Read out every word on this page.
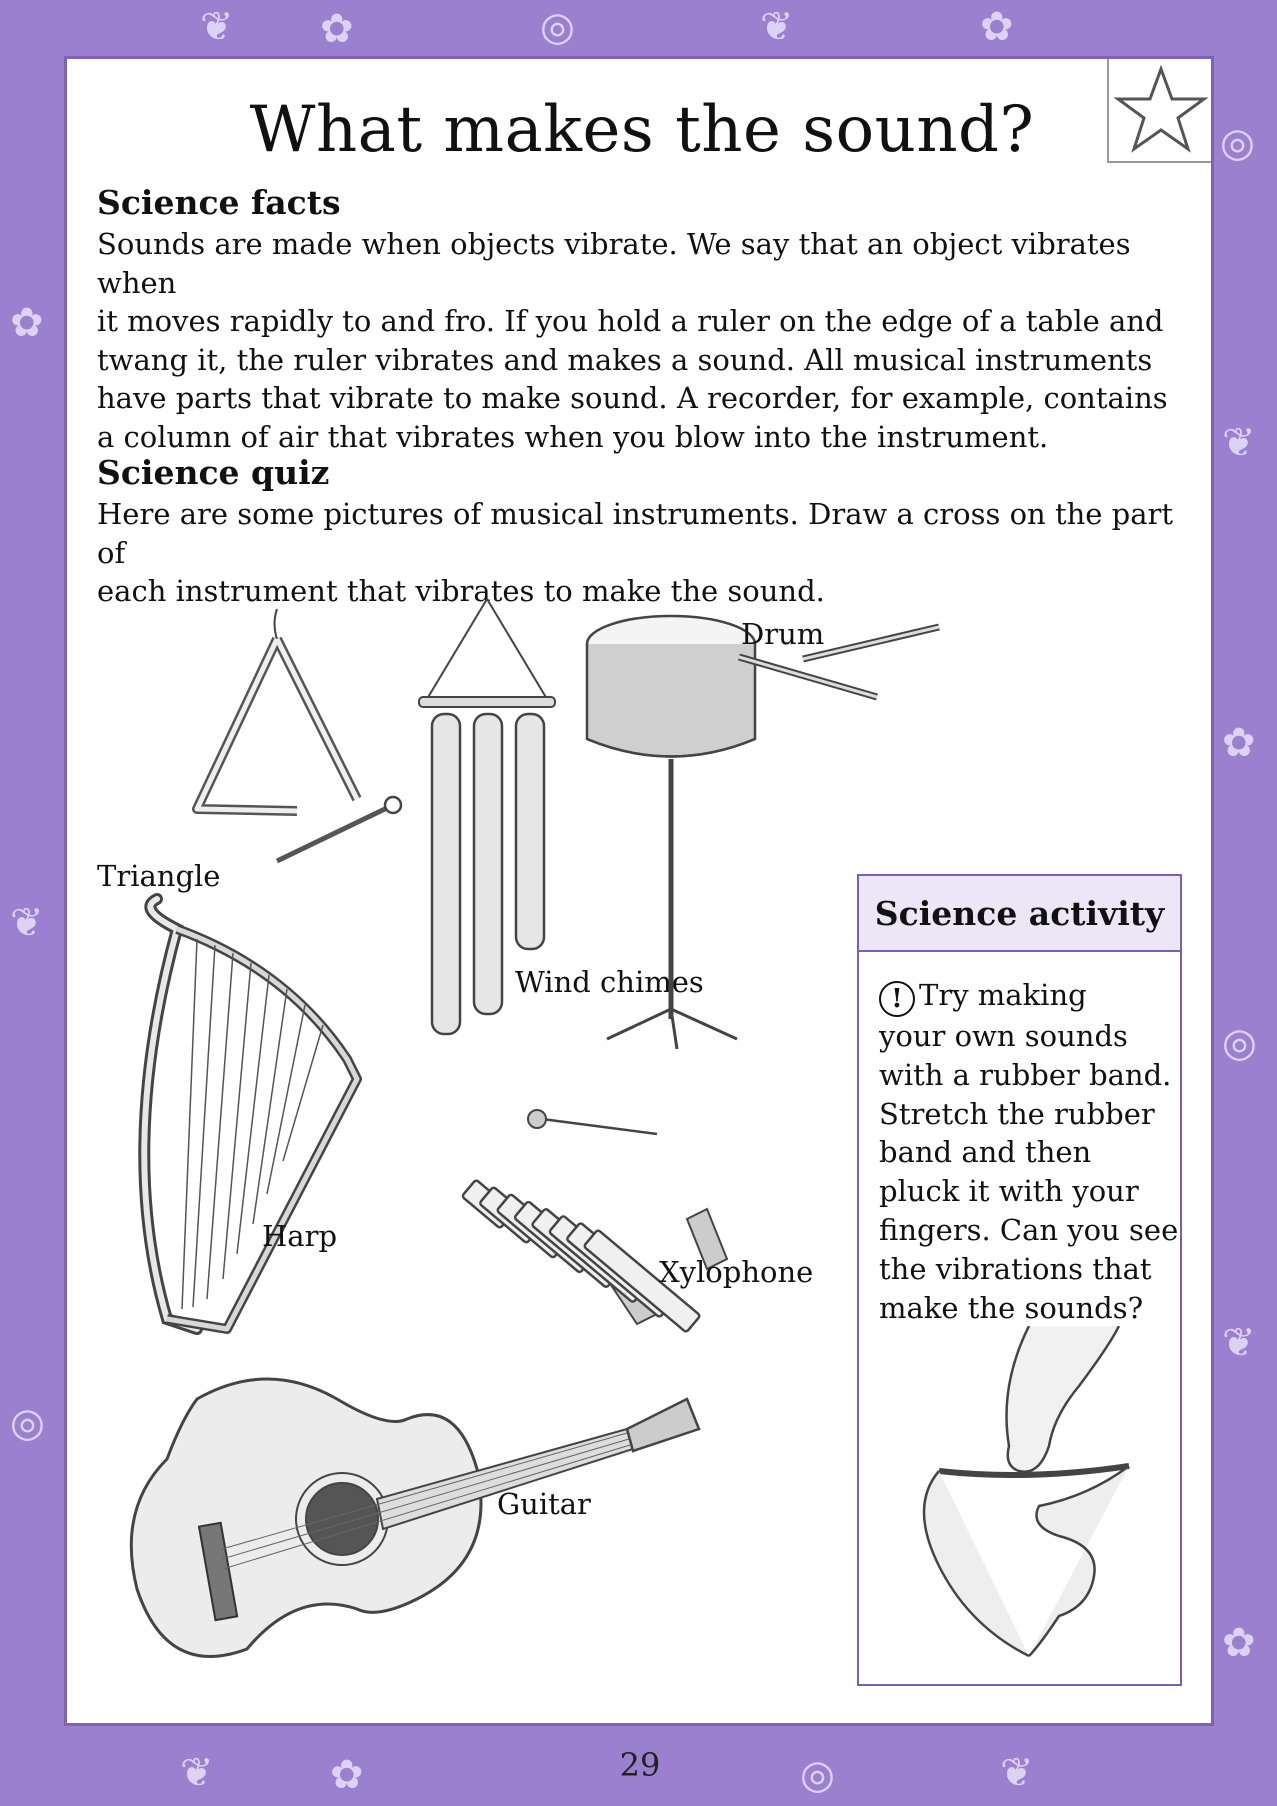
❦ ✿	◎	❦	✿
◎
❦
✿
◎
❦
✿
✿
❦
◎
❦	✿	◎	❦
What makes the sound?
Science facts
Sounds are made when objects vibrate. We say that an object vibrates when
it moves rapidly to and fro. If you hold a ruler on the edge of a table and
twang it, the ruler vibrates and makes a sound. All musical instruments
have parts that vibrate to make sound. A recorder, for example, contains
a column of air that vibrates when you blow into the instrument.
Science quiz
Here are some pictures of musical instruments. Draw a cross on the part of
each instrument that vibrates to make the sound.
Triangle
Wind chimes
Drum
Harp
Xylophone
Guitar
Science activity
! Try making
your own sounds
with a rubber band.
Stretch the rubber
band and then
pluck it with your
fingers. Can you see
the vibrations that
make the sounds?
29
